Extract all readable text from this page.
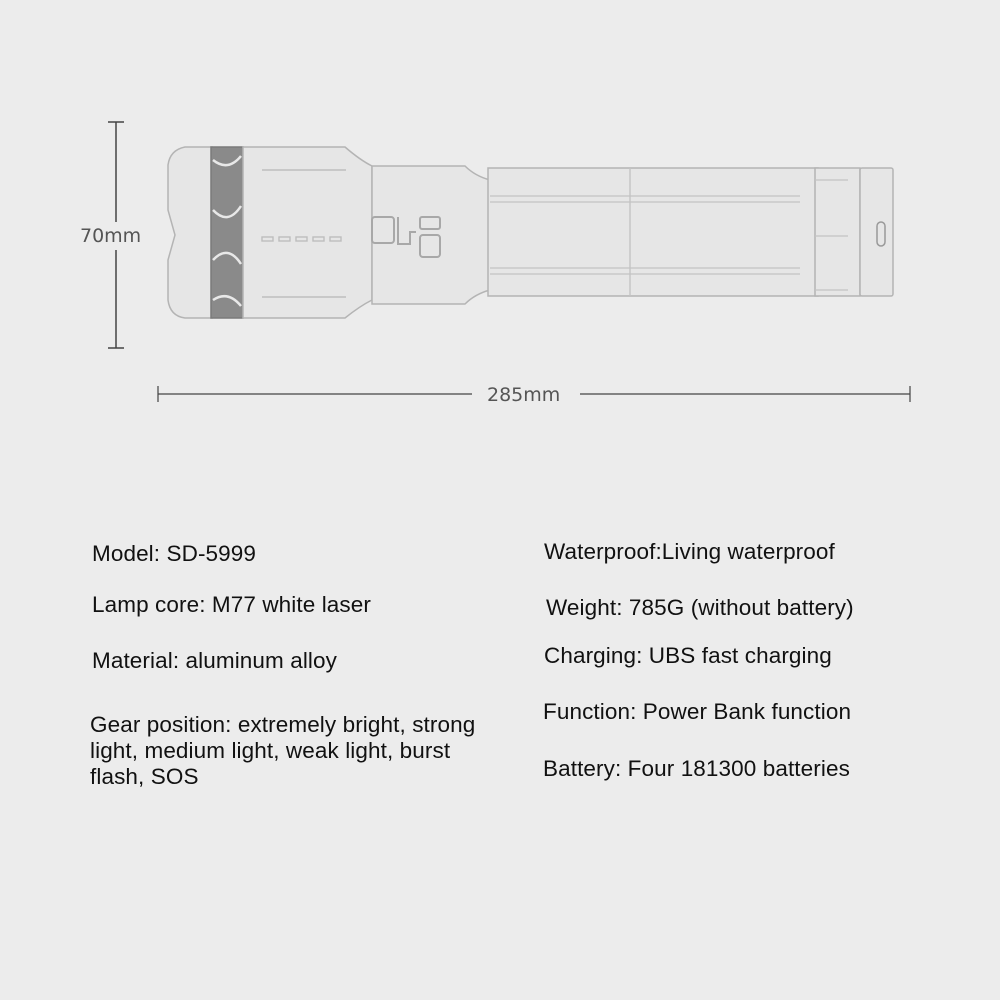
70mm
285mm
Model: SD-5999
Lamp core: M77 white laser
Material: aluminum alloy
Gear position: extremely bright, strong light, medium light, weak light, burst flash, SOS
Waterproof:Living waterproof
Weight: 785G (without battery)
Charging: UBS fast charging
Function: Power Bank function
Battery: Four 181300 batteries
